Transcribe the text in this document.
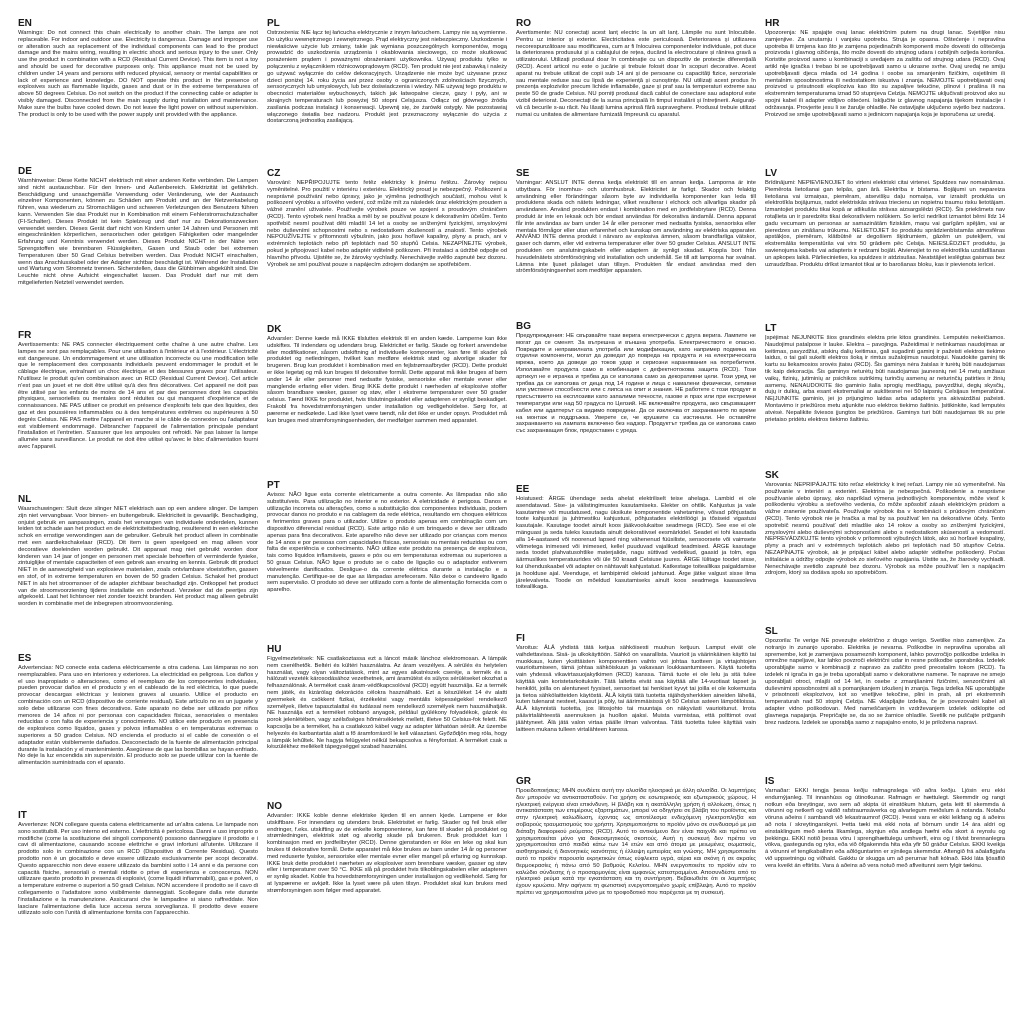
EN
Warnings: Do not connect this chain electrically to another chain. The lamps are not replaceable. For indoor and outdoor use. Electricity is dangerous. Damage and improper use or alteration such as replacement of the individual components can lead to the product damage and the mains wiring, resulting in electric shock and serious injury to the user. Only use the product in combination with a RCD (Residual Current Device). This item is not a toy and should be used for decorative purposes only. This appliance must not be used by children under 14 years and persons with reduced physical, sensory or mental capabilities or lack of experience and knowledge. DO NOT operate this product in the presence of explosives such as flammable liquids, gases and dust or in the extreme temperatures of above 50 degrees Celsius. Do not switch on the product if the connecting cable or adapter is visibly damaged. Disconnected from the main supply during installation and maintenance. Make sure the bulbs have cooled down. Do not leave the light power on without supervision. The product is only to be used with the power supply unit provided with the appliance.
DE
Warnhinweise: Diese Kette NICHT elektrisch mit einer anderen Kette verbinden. Die Lampen sind nicht austauschbar. Für den Innen- und Außenbereich. Elektrizität ist gefährlich. Beschädigung und unsachgemäße Verwendung oder Veränderung, wie der Austausch einzelner Komponenten, können zu Schäden am Produkt und an der Netzverkabelung führen, was wiederum zu Stromschlägen und schweren Verletzungen des Benutzers führen kann. Verwenden Sie das Produkt nur in Kombination mit einem Fehlerstromschutzschalter (FI-Schalter). Dieses Produkt ist kein Spielzeug und darf nur zu Dekorationszwecken verwendet werden. Dieses Gerät darf nicht von Kindern unter 14 Jahren und Personen mit eingeschränkten körperlichen, sensorischen oder geistigen Fähigkeiten oder mangelnder Erfahrung und Kenntnis verwendet werden. Dieses Produkt NICHT in der Nähe von Sprengstoffen wie brennbaren Flüssigkeiten, Gasen und Staub oder bei extremen Temperaturen über 50 Grad Celsius betreiben werden. Das Produkt NICHT einschalten, wenn das Anschlusskabel oder der Adapter sichtbar beschädigt ist. Während der Installation und Wartung vom Stromnetz trennen. Sicherstellen, dass die Glühbirnen abgekühlt sind. Die Leuchte nicht ohne Aufsicht eingeschaltet lassen. Das Produkt darf nur mit dem mitgelieferten Netzteil verwendet werden.
FR
Avertissements: NE PAS connecter électriquement cette chaîne à une autre chaîne. Les lampes ne sont pas remplaçables. Pour une utilisation à l'intérieur et à l'extérieur. L'électricité est dangereuse. Un endommagement et une utilisation incorrecte ou une modification telle que le remplacement des composants individuels peuvent endommager le produit et le câblage électrique, entraînant un choc électrique et des blessures graves pour l'utilisateur. N'utilisez le produit qu'en combinaison avec un RCD (Residual Current Device). Cet article n'est pas un jouet et ne doit être utilisé qu'à des fins décoratives. Cet appareil ne doit pas être utilisé par les enfants de moins de 14 ans et par des personnes dont les capacités physiques, sensorielles ou mentales sont réduites ou qui manquent d'expérience et de connaissances. NE PAS utiliser ce produit en présence d'explosifs tels que des liquides, des gaz et des poussières inflammables ou à des températures extrêmes ou supérieures à 50 degrés Celsius. NE PAS mettre l'appareil en marche si le câble de connexion ou l'adaptateur est visiblement endommagé. Débrancher l'appareil de l'alimentation principale pendant l'installation et l'entretien. S'assurer que les ampoules ont refroidi. Ne pas laisser la lampe allumée sans surveillance. Le produit ne doit être utilisé qu'avec le bloc d'alimentation fourni avec l'appareil.
NL
Waarschuwingen: Sluit deze slinger NIET elektrisch aan op een andere slinger. De lampen zijn niet vervangbaar. Voor binnen- en buitengebruik. Elektriciteit is gevaarlijk. Beschadiging, onjuist gebruik en aanpassingen, zoals het vervangen van individuele onderdelen, kunnen leiden tot schade aan het product en de elektriciteitsbedrading, resulterend in een elektrische schok en ernstige verwondingen aan de gebruiker. Gebruik het product alleen in combinatie met een aardlekschakelaar (RCD). Dit item is geen speelgoed en mag alleen voor decoratieve doeleinden worden gebruikt. Dit apparaat mag niet gebruikt worden door kinderen van 14 jaar of jonger en personen met speciale behoeften of verminderde fysieke, zintuiglijke of mentale capaciteiten of een gebrek aan ervaring en kennis. Gebruik dit product NIET in de aanwezigheid van explosieve materialen, zoals ontvlambare vloeistoffen, gassen en stof, of in extreme temperaturen en boven de 50 graden Celsius. Schakel het product NIET in als het stroomsnoer of de adapter zichtbaar beschadigd zijn. Ontkoppel het product van de stroomvoorziening tijdens installatie en onderhoud. Verzeker dat de peertjes zijn afgekoeld. Laat het lichtsnoer niet zonder toezicht branden. Het product mag alleen gebruikt worden in combinatie met de inbegrepen stroomvoorziening.
ES
Advertencias: NO conecte esta cadena eléctricamente a otra cadena. Las lámparas no son reemplazables. Para uso en interiores y exteriores. La electricidad es peligrosa. Los daños y el uso inapropiado o alteraciones, como el reemplazo de los componentes individuales, pueden provocar daños en el producto y en el cableado de la red eléctrica, lo que puede provocar descargas eléctricas y lesiones graves al usuario. Utilice el producto en combinación con un RCD (dispositivo de corriente residual). Este artículo no es un juguete y solo debe utilizarse con fines decorativos. Este aparato no debe ser utilizado por niños menores de 14 años ni por personas con capacidades físicas, sensoriales o mentales reducidas o con falta de experiencia y conocimiento. NO utilice este producto en presencia de explosivos como líquidos, gases y polvos inflamables o en temperaturas extremas o superiores a 50 grados Celsius. NO encienda el producto si el cable de conexión o el adaptador están visiblemente dañados. Desconectado de la fuente de alimentación principal durante la instalación y el mantenimiento. Asegúrese de que las bombillas se hayan enfriado. No deje la luz encendida sin supervisión. El producto solo se puede utilizar con la fuente de alimentación suministrada con el aparato.
IT
Avvertenze: NON collegare questa catena elettricamente ad un'altra catena. Le lampade non sono sostituibili. Per uso interno ed esterno. L'elettricità è pericolosa. Danni e uso improprio o modifiche (come la sostituzione dei singoli componenti) possono danneggiare il prodotto e i cavi di alimentazione, causando scosse elettriche e gravi infortuni all'utente. Utilizzare il prodotto solo in combinazione con un RCD (Dispositivo di Corrente Residua). Questo prodotto non è un giocattolo e deve essere utilizzato esclusivamente per scopi decorativi. Questo apparecchio non deve essere utilizzato da bambini sotto i 14 anni e da persone con capacità fisiche, sensoriali o mentali ridotte o prive di esperienza e conoscenza. NON utilizzare questo prodotto in presenza di esplosivi, (come liquidi infiammabili), gas e polveri, o a temperature estreme o superiori a 50 gradi Celsius. NON accendere il prodotto se il cavo di collegamento o l'adattatore sono visibilmente danneggiati. Scollegare dalla rete durante l'installazione e la manutenzione. Assicurarsi che le lampadine si siano raffreddate. Non lasciare l'alimentazione della luce accesa senza sorveglianza. Il prodotto deve essere utilizzato solo con l'unità di alimentazione fornita con l'apparecchio.
PL
Ostrzeżenia: NIE łącz tej łańcucha elektrycznie z innym łańcuchem. Lampy nie są wymienne. Do użytku wewnętrznego i zewnętrznego. Prąd elektryczny jest niebezpieczny. Uszkodzenie i niewłaściwe użycie lub zmiany, takie jak wymiana poszczególnych komponentów, mogą prowadzić do uszkodzenia urządzenia i okablowania sieciowego, co może skutkować porażeniem prądem i poważnymi obrażeniami użytkownika. Używaj produktu tylko w połączeniu z wyłącznikiem różnicowoprądowym (RCD). Ten produkt nie jest zabawką i należy go używać wyłącznie do celów dekoracyjnych. Urządzenie nie może być używane przez dzieci poniżej 14. roku życia ani przez osoby o ograniczonych zdolnościach fizycznych, sensorycznych lub umysłowych, lub bez doświadczenia i wiedzy. NIE używaj tego produktu w obecności materiałów wybuchowych, takich jak łatwopalne ciecze, gazy i pyły, ani w skrajnych temperaturach lub powyżej 50 stopni Celsjusza. Odłącz od głównego źródła zasilania podczas instalacji i konserwacji. Upewnij się, że żarówki ostygły. Nie pozostawiaj włączonego światła bez nadzoru. Produkt jest przeznaczony wyłącznie do użycia z dostarczoną jednostką zasilającą.
CZ
Varování: NEPŘIPOJUJTE tento řetěz elektricky k jinému řetězu. Žárovky nejsou vyměnitelné. Pro použití v interiéru i exteriéru. Elektrický proud je nebezpečný. Poškození a nesprávné používání nebo úpravy, jako je výměna jednotlivých součástí, mohou vést k poškození výrobku a síťového vedení, což může mít za následek úraz elektrickým proudem a vážné zranění uživatele. Používejte výrobek pouze ve spojení s proudovým chráničem (RCD). Tento výrobek není hračka a měl by se používat pouze k dekorativním účelům. Tento spotřebič nesmí používat děti mladší 14 let a osoby se sníženými fyzickými, smyslovými nebo duševními schopnostmi nebo s nedostatkem zkušeností a znalostí. Tento výrobek NEPOUŽÍVEJTE v přítomnosti výbušnin, jako jsou hořlavé kapaliny, plyny a prach, ani v extrémních teplotách nebo při teplotách nad 50 stupňů Celsia. NEZAPÍNEJTE výrobek, pokud je připojovací kabel nebo adaptér viditelně poškozen. Při instalaci a údržbě odpojte od hlavního přívodu. Ujistěte se, že žárovky vychladly. Nenechávejte světlo zapnuté bez dozoru. Výrobek se smí používat pouze s napájecím zdrojem dodaným se spotřebičem.
DK
Advarsler: Denne kæde må IKKE tilsluttes elektrisk til en anden kæde. Lamperne kan ikke udskiftes. Til indendørs og udendørs brug. Elektricitet er farlig. Skade og forkert anvendelse eller modifikationer, såsom udskiftning af individuelle komponenter, kan føre til skader på produktet og netledningen, hvilket kan medføre elektrisk stød og alvorlige skader for brugeren. Brug kun produktet i kombination med en fejlstrømsafbryder (RCD). Dette produkt er ikke legetøj og må kun bruges til dekorative formål. Dette apparat må ikke bruges af børn under 14 år eller personer med nedsatte fysiske, sensoriske eller mentale evner eller manglende erfaring eller viden. Brug IKKE dette produkt i nærheden af eksplosive stoffer såsom brandbare væsker, gasser og støv, eller i ekstreme temperaturer over 50 grader celsius. Tænd IKKE for produktet, hvis tilslutningskablet eller adapteren er synligt beskadiget. Frakobl fra hovedstrømforsyningen under installation og vedligeholdelse. Sørg for, at pærerne er nedkølede. Lad ikke lyset være tændt, når det ikke er under opsyn. Produktet må kun bruges med strømforsyningsenheden, der medfølger sammen med apparatet.
PT
Avisos: NÃO ligue esta corrente eletricamente a outra corrente. As lâmpadas não são substituíveis. Para utilização no interior e no exterior. A eletricidade é perigosa. Danos e utilização incorreta ou alterações, como a substituição dos componentes individuais, podem provocar danos no produto e na cablagem da rede elétrica, resultando em choques elétricos e ferimentos graves para o utilizador. Utilize o produto apenas em combinação com um dispositivo diferencial residual (RCD). Este artigo não é um brinquedo e deve ser utilizado apenas para fins decorativos. Este aparelho não deve ser utilizado por crianças com menos de 14 anos e por pessoas com capacidades físicas, sensoriais ou mentais reduzidas ou com falta de experiência e conhecimento. NÃO utilize este produto na presença de explosivos, tais como líquidos inflamáveis, gases e pós ou em temperaturas extremas ou superiores a 50 graus Celsius. NÃO ligue o produto se o cabo de ligação ou o adaptador estiverem visivelmente danificados. Desligue-o da corrente elétrica durante a instalação e a manutenção. Certifique-se de que as lâmpadas arrefeceram. Não deixe o candeeiro ligado sem supervisão. O produto só deve ser utilizado com a fonte de alimentação fornecida com o aparelho.
HU
Figyelmeztetések: NE csatlakoztassa ezt a láncot másik lánchoz elektromosan. A lámpák nem cserélhetők. Beltéri és kültéri használatra. Az áram veszélyes. A sérülés és helytelen használat, vagy olyan változtatások, mint az egyes alkatrészek cseréje, a termék és a hálózati vezeték károsodásához vezethetnek, ami áramütést és súlyos sérüléseket okozhat a felhasználónak. A terméket csak áram-védőkapcsolóval (RCD) együtt használja. Ez a termék nem játék, és kizárólag dekorációs célokra használható. Ezt a készüléket 14 év alatti gyermekek és csökkent fizikai, érzékelési vagy mentális képességekkel rendelkező személyek, illetve tapasztalattal és tudással nem rendelkező személyek nem használhatják. NE használja ezt a terméket robbanó anyagok, például gyúlékony folyadékok, gázok és porok jelenlétében, vagy szélsőséges hőmérsékletek mellett, illetve 50 Celsius-fok felett. NE kapcsolja be a terméket, ha a csatlakozó kábel vagy az adapter láthatóan sérült. Az üzembe helyezés és karbantartás alatt a fő áramforrásról le kell választani. Győződjön meg róla, hogy a lámpák lehűltek. Ne hagyja felügyelet nélkül bekapcsolva a fényforrást. A terméket csak a készülékhez mellékelt tápegységgel szabad használni.
NO
Advarsler: IKKE koble denne elektriske kjeden til en annen kjede. Lampene er ikke utskiftbare. For innendørs og utendørs bruk. Elektrisitet er farlig. Skader og feil bruk eller endringer, f.eks. utskifting av de enkelte komponentene, kan føre til skader på produktet og strømledningen, elektrisk støt og alvorlig skade på brukeren. Bruk produktet kun i kombinasjon med en jordfeilbryter (RCD). Denne gjenstanden er ikke en leke og skal kun brukes til dekorative formål. Dette apparatet må ikke brukes av barn under 14 år og personer med reduserte fysiske, sensoriske eller mentale evner eller mangel på erfaring og kunnskap. IKKE bruk dette produktet i nærheten av eksplosiver som brennbare væsker, gasser og støv eller i temperaturer over 50 °C. IKKE slå på produktet hvis tilkoblingskabelen eller adapteren er synlig skadet. Koble fra hovedstrømforsyningen under installasjon og vedlikehold. Sørg for at lyspærene er avkjølt. Ikke la lyset være på uten tilsyn. Produktet skal kun brukes med strømforsyningen som følger med apparatet.
RO
Avertismente: NU conectați acest lanț electric la un alt lanț. Lămpile nu sunt înlocuibile. Pentru uz interior și exterior. Electricitatea este periculoasă. Deteriorarea și utilizarea necorespunzătoare sau modificarea, cum ar fi înlocuirea componentelor individuale, pot duce la deteriorarea produsului și a cablajului de rețea, ducând la electrocutare și rănirea gravă a utilizatorului. Utilizați produsul doar în combinație cu un dispozitiv de protecție diferențială (RCD). Acest articol nu este o jucărie și trebuie folosit doar în scopuri decorative. Acest aparat nu trebuie utilizat de copii sub 14 ani și de persoane cu capacități fizice, senzoriale sau mentale reduse sau cu lipsă de experiență și cunoștințe. NU utilizați acest produs în prezența explozivilor precum lichide inflamabile, gaze și praf sau la temperaturi extreme sau peste 50 de grade Celsius. NU porniți produsul dacă cablul de conectare sau adaptorul este vizibil deteriorat. Deconectați de la sursa principală în timpul instalării și întreținerii. Asigurați-vă că becurile s-au răcit. Nu lăsați lumina aprinsă fără supraveghere. Produsul trebuie utilizat numai cu unitatea de alimentare furnizată împreună cu aparatul.
SE
Varningar: ANSLUT INTE denna kedja elektriskt till en annan kedja. Lamporna är inte utbytbara. För inomhus- och utomhusbruk. Elektricitet är farligt. Skador och felaktig användning eller förändringar såsom byte av individuella komponenter kan leda till produktens skada och nätets ledningar, vilket resulterar i elchock och allvarliga skador på användaren. Använd produkten endast i kombination med en jordfelsbrytare (RCD). Denna produkt är inte en leksak och bör endast användas för dekorativa ändamål. Denna apparat får inte användas av barn under 14 år eller personer med nedsatta fysiska, sensoriska eller mentala förmågor eller utan erfarenhet och kunskap om användning av elektriska apparater. ANVÄND INTE denna produkt i närvaro av explosiva ämnen, såsom brandfarliga vätskor, gaser och damm, eller vid extrema temperaturer eller över 50 grader Celsius. ANSLUT INTE produkten om anslutningskabeln eller adaptern är synligt skadad. Koppla bort från huvudelnätets strömförsörjning vid installation och underhåll. Se till att lamporna har svalnat. Lämna inte ljuset påslaget utan tillsyn. Produkten får endast användas med den strömförsörjningsenhet som medföljer apparaten.
BG
Предупреждения: НЕ свързвайте тази верига електрически с друга верига. Лампите не могат да се сменят. За вътрешна и външна употреба. Електричеството е опасно. Повредите и неправилната употреба или модификации, като например подмяна на отделни компоненти, могат да доведат до повреда на продукта и на електрическата мрежа, което да доведе до токов удар и сериозни наранявания на потребителя. Използвайте продукта само в комбинация с дефектнотокова защита (RCD). Този артикул не е играчка и трябва да се използва само за декоративни цели. Този уред не трябва да се използва от деца под 14 години и лица с намалени физически, сетивни или умствени способности или с липса на опит и знания. НЕ работете с този продукт в присъствието на експлозиви като запалими течности, газове и прах или при екстремни температури или над 50 градуса по Целзий. НЕ включвайте продукта, ако свързващият кабел или адаптерът са видимо повредени. Да се изключва от захранването по време на монтаж и поддръжка. Уверете се, че крушките са изстинали. Не оставяйте захранването на лампата включено без надзор. Продуктът трябва да се използва само със захранващия блок, предоставен с уреда.
EE
Hoiatused: ÄRGE ühendage seda ahelat elektriliselt teise ahelaga. Lambid ei ole asendatavad. Sise- ja välistingimustes kasutamiseks. Elekter on ohtlik. Kahjustus ja vale kasutamine või muudatused, nagu üksikute komponentide vahetamine, võivad põhjustada toote kahjustusi ja juhtmestiku kahjustusi, põhjustades elektrilöögi ja tõsiseid vigastusi kasutajale. Kasutage toodet ainult koos jääkvoolukaitse seadmega (RCD). See ese ei ole mänguasi ja seda tuleks kasutada ainult dekoratiivsel eesmärkidel. Seadet ei tohi kasutada alla 14-aastased või noorenud lapsed ning vähenenud füüsiliste, sensoorsete või vaimsete võimetega inimesed või inimesed, kellel puuduvad vajalikud teadmised. ÄRGE kasutage seda toodet plahvatusohtlike materjalide, nagu süttivad vedelikud, gaasid ja tolm, ega äärmuslikes temperatuurides või üle 50 kraadi Celsiuse juures. ÄRGE lülitage toodet sisse, kui ühenduskaabel või adapter on nähtavalt kahjustatud. Katkestage toiteallikas paigaldamise ja hoolduse ajal. Veenduge, et lambipirnid oleksid jahtunud. Ärge jätke valgust sisse ilma järelevalveta. Toode on mõeldud kasutamiseks ainult koos seadmega kaasasoleva toiteallikaga.
FI
Varoitus: ÄLÄ yhdistä tätä ketjua sähköisesti muuhun ketjuun. Lamput eivät ole vaihdettavissa. Sisä- ja ulkokäyttöön. Sähkö on vaarallista. Vaurioit ja väärinkäinen käyttö tai muokkaus, kuten yksittäisten komponenttien vaihto voi johtaa tuotteen ja virtajohtojen vaurioitumiseen, tämä johtaa sähköiskuun ja vakavaan loukkaantumiseen. Käytä tuotetta vain yhdessä vikavirtasuojakytkimen (RCD) kanssa. Tämä tuote ei ole lelu ja sitä tulee käyttää vain koristetarkoituksiin. Tätä laitetta eivät saa käyttää alle 14-vuotiaat lapset ja henkilöt, joilla on alentuneet fyysiset, sensoriset tai henkiset kyvyt tai joilla ei ole kokemusta ja tietoa sähkölaitteiden käytöstä. ÄLÄ käytä tätä tuotetta räjähdysherkkien aineiden lähellä, kuten tulenarat nesteet, kaasut ja pöly, tai äärimmäisissä yli 50 Celsius asteen lämpötiloissa. ÄLÄ käynnistä tuotetta, jos liitosjohto tai muuntaja on näkyvästi vaurioitunut. Irrota päävirtalähteestä asennuksen ja huollon ajaksi. Muista varmistaa, että polttimot ovat jäähtyneet. Älä jätä valon virtaa päälle ilman valvontaa. Tätä tuotetta tulee käyttää vain laitteen mukana tulleen virtalähteen kanssa.
GR
Προειδοποιήσεις: ΜΗΝ συνδέετε αυτή την αλυσίδα ηλεκτρικά με άλλη αλυσίδα. Οι λαμπτήρες δεν μπορούν να αντικατασταθούν. Για χρήση σε εσωτερικούς και εξωτερικούς χώρους. Η ηλεκτρική ενέργεια είναι επικίνδυνη. Η βλάβη και η ακατάλληλη χρήση ή αλλοίωση, όπως η αντικατάσταση των επιμέρους εξαρτημάτων, μπορεί να οδηγήσει σε βλάβη του προϊόντος και στην ηλεκτρική καλωδίωση, έχοντας ως αποτέλεσμα ενδεχόμενη ηλεκτροπληξία και σοβαρούς τραυματισμούς του χρήστη. Χρησιμοποιήστε το προϊόν μόνο σε συνδυασμό με μια διάταξη διαφορικού ρεύματος (RCD). Αυτό το αντικείμενο δεν είναι παιχνίδι και πρέπει να χρησιμοποιείται μόνο για διακοσμητικούς σκοπούς. Αυτή η συσκευή δεν πρέπει να χρησιμοποιείται από παιδιά κάτω των 14 ετών και από άτομα με μειωμένες σωματικές, αισθητηριακές ή διανοητικές ικανότητες ή έλλειψη εμπειρίας και γνώσης. ΜΗ χρησιμοποιείτε αυτό το προϊόν παρουσία εκρηκτικών όπως εύφλεκτα υγρά, αέρια και σκόνη ή σε ακραίες θερμοκρασίες ή πάνω από 50 βαθμούς Κελσίου. ΜΗΝ ενεργοποιείτε το προϊόν εάν το καλώδιο σύνδεσης ή ο προσαρμογέας είναι εμφανώς κατεστραμμένα. Αποσυνδέστε από το ηλεκτρικό ρεύμα κατά την εγκατάσταση και τη συντήρηση. Βεβαιωθείτε ότι οι λαμπτήρες έχουν κρυώσει. Μην αφήνετε τη φωτιστική ενεργοποιημένο χωρίς επίβλεψη. Αυτό το προϊόν πρέπει να χρησιμοποιείται μόνο με το τροφοδοτικό που παρέχεται με τη συσκευή.
HR
Upozorenja: NE spajajte ovaj lanac električnim putem na drugi lanac. Svjetiljke nisu zamjenjive. Za unutarnju i vanjsku upotrebu. Struja je opasna. Oštećenje i nepravilna upotreba ili izmjena kao što je zamjena pojedinačnih komponenti može dovesti do oštećenja proizvoda i glavnog ožičenja, što može dovesti do strujnog udara i ozbiljnih ozljeda korisnika. Koristite proizvod samo u kombinaciji s uređajem za zaštitu od strujnog udara (RCD). Ovaj artikl nije igračka i trebao bi se upotrebljavati samo u ukrasne svrhe. Ovaj uređaj ne smiju upotrebljavati djeca mlađa od 14 godina i osobe sa smanjenim fizičkim, osjetilnim ili mentalnim sposobnostima ili nedostatkom iskustva i znanja. NEMOJTE upotrebljavati ovaj proizvod u prisutnosti eksploziva kao što su zapaljive tekućine, plinovi i prašina ili na ekstremnim temperaturama iznad 50 stupnjeva Celzija. NEMOJTE uključivati proizvod ako su spojni kabel ili adapter vidljivo oštećeni. Isključite iz glavnog napajanja tijekom instalacije i održavanja. Provjerite jesu li se žarulje ohladile. Ne ostavljajte uključeno svjetlo bez nadzora. Proizvod se smije upotrebljavati samo s jedinicom napajanja koja je isporučena uz uređaj.
LV
Brīdinājumi: NEPIEVIENOJIET šo virteni elektriski citai virtenei. Spuldzes nav nomaināmas. Piemērota lietošanai gan telpās, gan ārā. Elektrība ir bīstama. Bojājumi un nepareiza lietošana vai izmaiņas, piemēram, atsevišķu daļu nomaiņa, var izraisīt produkta un elektrotīkla bojājumus, radot elektriskās strāvas triecienu un nopietnu traumu risku lietotājam. Izmantojiet produktu tikai kopā ar atlikušās strāvas aizsargslēdzi (RCD). Šis priekšmets nav rotaļlieta un ir paredzēts tikai dekoratīviem nolūkiem. So ierīci nedrīkst izmantot bērni līdz 14 gadu vecumam un personas ar samazinātām fiziskām, maņu vai garīgām spējām, vai ar pieredzes un zināšanu trūkumu. NELIETOJIET šo produktu sprādzienbīstamās atmosfēras apstākļos, piemēram, klātbūtnē ar degošiem šķidrumiem, gāzēm un putekļiem, vai ekstremālās temperatūrās vai virs 50 grādiem pēc Celsija. NEIESLĒDZIET produktu, ja savienojuma kabelis vai adapteris ir redzami bojāti. Atvienojiet to no elektrotīkla uzstādīšanas un apkopes laikā. Pārliecinieties, ka spuldzes ir atdzisušas. Neatstājiet ieslēgtas gaismas bez uzraudzības. Produktu drīkst izmantot tikai ar to barošanas bloku, kas ir pievienots ierīcei.
LT
Įspėjimai: NEJUNKITE šios grandinės elektra prie kitos grandinės. Lemputės nekeičiamos. Naudojimui patalpose ir lauke. Elektra – pavojinga. Pažeidimai ir netinkamas naudojimas ar keitimas, pavyzdžiui, atskirų dalių keitimas, gali sugadinti gaminį ir pažeisti elektros tiekimo laidus, o tai gali sukelti elektros šoką ir rimtus sužalojimus naudotojui. Naudokite gaminį tik kartu su liekamosios srovės įtaisu (RCD). Šis gaminys nėra žaislas ir turėtų būti naudojamas tik kaip dekoracija. Šis gaminys neturėtų būti naudojamas jaunesnių nei 14 metų amžiaus vaikų, fizinių, jutiminių ar psichikos sutrikimų turinčių asmenų ar neturinčių patirties ir žinių asmenų. NENAUDOKITE šio gaminio šalia sprogių medžiagų, pavyzdžiui, degių skysčių, dujų ir dulkių, arba esant ekstremaliai ar aukštesnei nei 50 laipsnių Celsijaus temperatūrai. NEĮJUNKITE gaminio, jei jo prijungimo laidas arba adapteris yra akivaizdžiai pažeisti. Montavimo ir priežiūros metu atjunkite nuo elektros tiekimo šaltinio. Įsitikinkite, kad lemputės atvėsė. Nepalikite šviesos įjungtos be priežiūros. Gaminys turi būti naudojamas tik su prie prietaiso pridėtu elektros tiekimo šaltiniu.
SK
Varovania: NEPRIPÁJAJTE túto reťaz elektricky k inej reťazi. Lampy nie sú vymeniteľné. Na používanie v interiéri a exteriéri. Elektrina je nebezpečná. Poškodenie a nesprávne používanie alebo úpravy, ako napríklad výmena jednotlivých komponentov, môže viesť k poškodeniu výrobku a sieťového vedenia, čo môže spôsobiť zásah elektrickým prúdom a vážne zranenie používateľa. Používajte výrobok iba v kombinácii s prúdovým chráničom (RCD). Tento výrobok nie je hračka a mal by sa používať len na dekoratívne účely. Tento spotrebič nesmú používať deti mladšie ako 14 rokov a osoby so zníženými fyzickými, zmyslovými alebo duševnými schopnosťami alebo s nedostatkom skúseností a vedomostí. NEPREVÁDZKUJTE tento výrobok v prítomnosti výbušných látok, ako sú horľavé kvapaliny, plyny a prach ani v extrémnych teplotách alebo pri teplotách nad 50 stupňov Celzia. NEZAPÍNAJTE výrobok, ak je pripájací kábel alebo adaptér viditeľne poškodený. Počas inštalácie a údržby odpojte výrobok zo sieťového napájania. Uistite sa, že žiarovky vychladli. Nenechávajte svetidlo zapnuté bez dozoru. Výrobok sa môže používať len s napájacím zdrojom, ktorý sa dodáva spolu so spotrebičom.
SL
Opozorila: Te verige NE povezujte električno z drugo verigo. Svetilke niso zamenljive. Za notranjo in zunanjo uporabo. Elektrika je nevarna. Poškodbe in nepravilna uporaba ali spremembe, kot je zamenjava posameznih komponent, lahko povzročijo poškodbe izdelka in omrežne napeljave, kar lahko povzroči električni udar in resne poškodbe uporabnika. Izdelek uporabljajte samo v kombinaciji z napravo za zaščito pred preostalim tokom (RCD). Ta izdelek ni igrača in ga je treba uporabljati samo v dekorativne namene. Te naprave ne smejo uporabljati otroci, mlajši od 14 let, in osebe z zmanjšanimi fizičnimi, senzoričnimi ali duševnimi sposobnostmi ali s pomanjkanjem izkušenj in znanja. Tega izdelka NE uporabljajte v prisotnosti eksplozivov, kot so vnetljive tekočine, plini in prah, ali pri ekstremnih temperaturah nad 50 stopinj Celzija. NE vklapljajte izdelka, če je povezovalni kabel ali adapter vidno poškodovan. Med nameščanjem in vzdrževanjem izdelek odklopite od glavnega napajanja. Prepričajte se, da so se žarnice ohladile. Svetilk ne puščajte prižganih brez nadzora. Izdelek se uporablja samo z napajalno enoto, ki je priložena napravi.
IS
Varnaðar: EKKI tengja þessa keðju rafmagnslega við aðra keðju. Ljósin eru ekki endurnýjanleg. Til innanhúss og útinotkunar. Rafmagn er hættulegt. Skemmdir og rangt notkun eða breytingar, svo sem að skipta út einstökum hlutum, geta leitt til skemmda á vörunni og netkerfi og valdið rafstraumsáverka og alvarlegum meiðslum á notanda. Notaðu vöruna aðeins í sambandi við lekastraumrof (RCD). Þessi vara er ekki leikfang og á aðeins að nota í skreytingarskyni. Þetta tæki má ekki nota af börnum undir 14 ára aldri og einstaklingum með skerta líkamlega, skynjun eða andlega hæfni eða skort á reynslu og þekkingu. EKKI notið þessa vöru í sprengihættulegu umhverfi, eins og í tilvist brennanlegra vökva, gastegunda og ryks, eða við öfgakennda hita eða yfir 50 gráður Celsíus. EKKI kveikja á vörunni ef tengikaballinn eða aðlöguntarinn er sýnilega skemmdur. Aftengið frá aðalaflgjafa við uppsetningu og viðhald. Gakktu úr skugga um að perurnar hafi kólnað. Ekki láta ljósaflið vera kveikt án eftirlits. Vara á aðeins að vera notuð með aflveitunni sem fylgir tækinu.
